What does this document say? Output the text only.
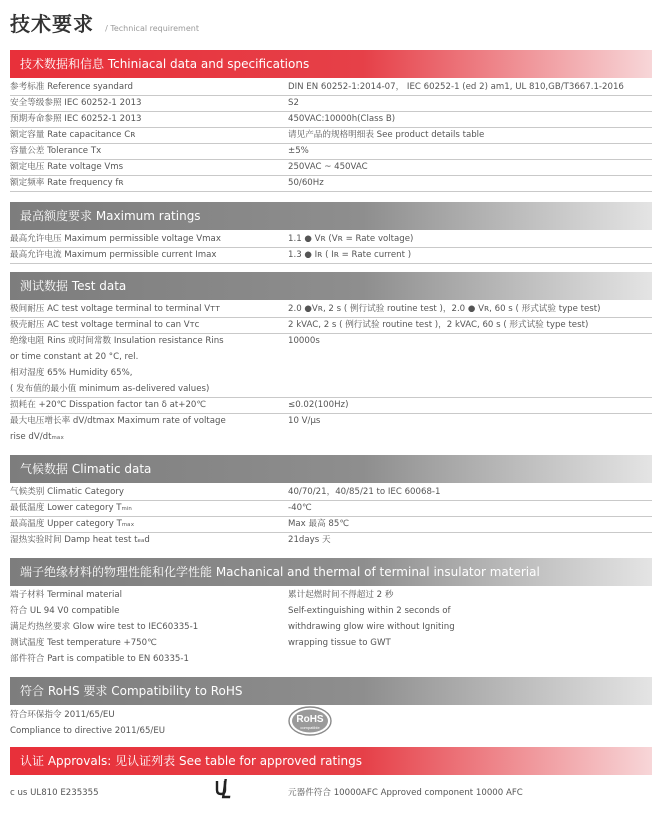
技术要求 / Technical requirement
技术数据和信息 Tchiniacal data and specifications
参考标准 Reference syandard	DIN EN 60252-1:2014-07， IEC 60252-1 (ed 2) am1, UL 810,GB/T3667.1-2016
安全等级参照 IEC 60252-1 2013	S2
预期寿命参照 IEC 60252-1 2013	450VAC:10000h(Class B)
额定容量 Rate capacitance Cʀ	请见产品的规格明细表 See product details table
容量公差 Tolerance Tx	±5%
额定电压 Rate voltage Vms	250VAC ~ 450VAC
额定频率 Rate frequency fʀ	50/60Hz
最高额度要求 Maximum ratings
最高允许电压 Maximum permissible voltage Vmax	1.1 ● Vʀ (Vʀ = Rate voltage)
最高允许电流 Maximum permissible current Imax	1.3 ● Iʀ ( Iʀ = Rate current )
测试数据 Test data
极间耐压 AC test voltage terminal to terminal Vᴛᴛ	2.0 ●Vʀ, 2 s ( 例行试验 routine test )，2.0 ● Vʀ, 60 s ( 形式试验 type test)
极壳耐压 AC test voltage terminal to can Vᴛᴄ	2 kVAC, 2 s ( 例行试验 routine test )，2 kVAC, 60 s ( 形式试验 type test)
绝缘电阻 Rins 或时间常数 Insulation resistance Rins	10000s
or time constant at 20 °C, rel.
相对湿度 65% Humidity 65%,
( 发布值的最小值 minimum as-delivered values)
损耗在 +20℃ Disspation factor tan δ at+20℃	≤0.02(100Hz)
最大电压增长率 dV/dtmax Maximum rate of voltage	10 V/μs
rise dV/dtₘₐₓ
气候数据 Climatic data
气候类别 Climatic Category	40/70/21，40/85/21 to IEC 60068-1
最低温度 Lower category Tₘᵢₙ	-40℃
最高温度 Upper category Tₘₐₓ	Max 最高 85℃
湿热实验时间 Damp heat test tₑₐd	21days 天
端子绝缘材料的物理性能和化学性能 Machanical and thermal of terminal insulator material
端子材料 Terminal material
符合 UL 94 V0 compatible
满足灼热丝要求 Glow wire test to IEC60335-1
测试温度 Test temperature +750℃
部件符合 Part is compatible to EN 60335-1
累计起燃时间不得超过 2 秒
Self-extinguishing within 2 seconds of
withdrawing glow wire without Igniting
wrapping tissue to GWT
符合 RoHS 要求 Compatibility to RoHS
符合环保指令 2011/65/EU
Compliance to directive 2011/65/EU
RoHS
compatible
认证 Approvals: 见认证列表 See table for approved ratings
c us UL810 E235355	元器件符合 10000AFC Approved component 10000 AFC
